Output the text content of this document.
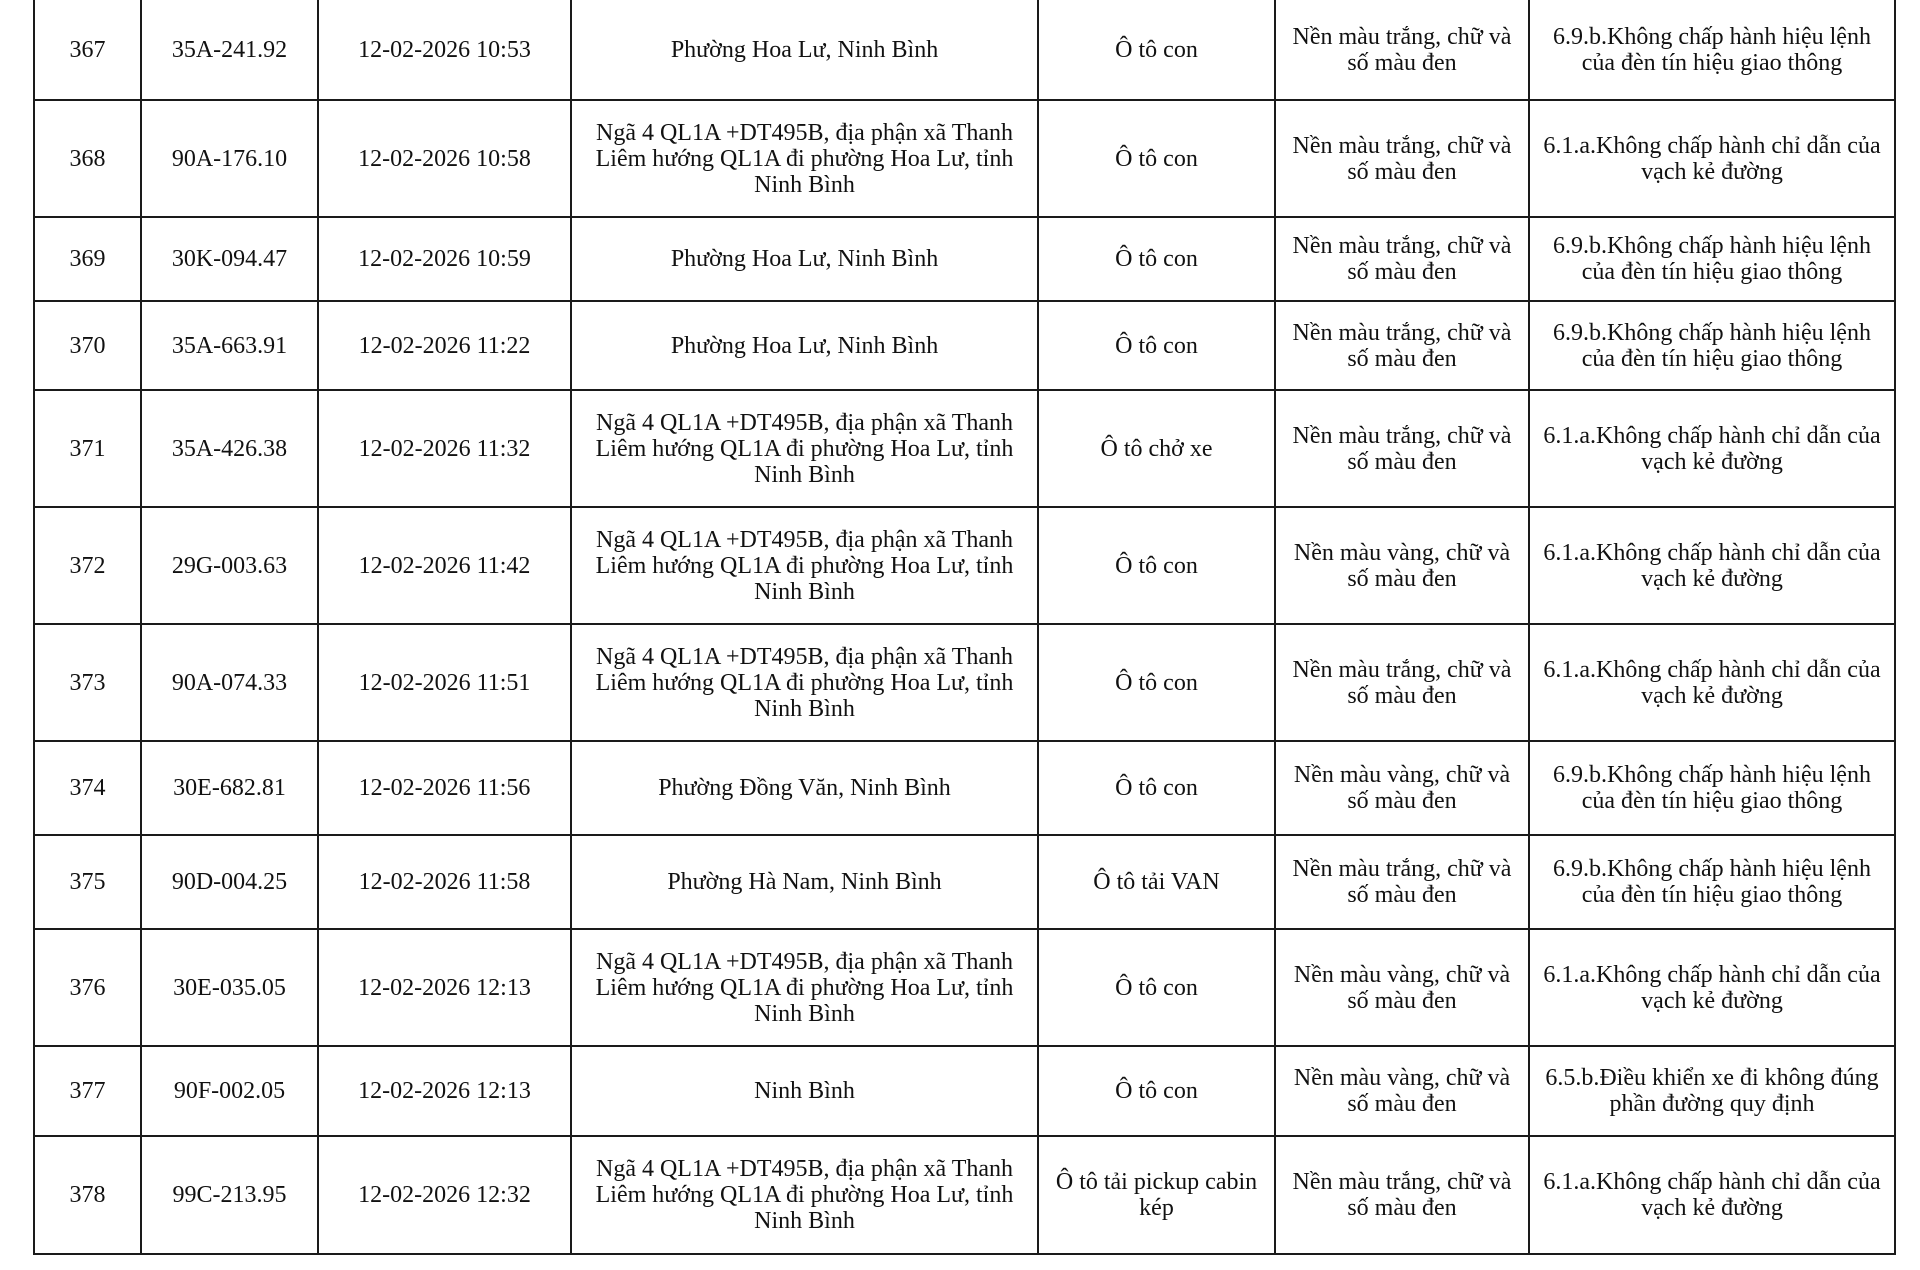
367	35A-241.92	12-02-2026 10:53	Phường Hoa Lư, Ninh Bình	Ô tô con	Nền màu trắng, chữ và số màu đen	6.9.b.Không chấp hành hiệu lệnh của đèn tín hiệu giao thông
368	90A-176.10	12-02-2026 10:58	Ngã 4 QL1A +DT495B, địa phận xã Thanh Liêm hướng QL1A đi phường Hoa Lư, tỉnh Ninh Bình	Ô tô con	Nền màu trắng, chữ và số màu đen	6.1.a.Không chấp hành chỉ dẫn của vạch kẻ đường
369	30K-094.47	12-02-2026 10:59	Phường Hoa Lư, Ninh Bình	Ô tô con	Nền màu trắng, chữ và số màu đen	6.9.b.Không chấp hành hiệu lệnh của đèn tín hiệu giao thông
370	35A-663.91	12-02-2026 11:22	Phường Hoa Lư, Ninh Bình	Ô tô con	Nền màu trắng, chữ và số màu đen	6.9.b.Không chấp hành hiệu lệnh của đèn tín hiệu giao thông
371	35A-426.38	12-02-2026 11:32	Ngã 4 QL1A +DT495B, địa phận xã Thanh Liêm hướng QL1A đi phường Hoa Lư, tỉnh Ninh Bình	Ô tô chở xe	Nền màu trắng, chữ và số màu đen	6.1.a.Không chấp hành chỉ dẫn của vạch kẻ đường
372	29G-003.63	12-02-2026 11:42	Ngã 4 QL1A +DT495B, địa phận xã Thanh Liêm hướng QL1A đi phường Hoa Lư, tỉnh Ninh Bình	Ô tô con	Nền màu vàng, chữ và số màu đen	6.1.a.Không chấp hành chỉ dẫn của vạch kẻ đường
373	90A-074.33	12-02-2026 11:51	Ngã 4 QL1A +DT495B, địa phận xã Thanh Liêm hướng QL1A đi phường Hoa Lư, tỉnh Ninh Bình	Ô tô con	Nền màu trắng, chữ và số màu đen	6.1.a.Không chấp hành chỉ dẫn của vạch kẻ đường
374	30E-682.81	12-02-2026 11:56	Phường Đồng Văn, Ninh Bình	Ô tô con	Nền màu vàng, chữ và số màu đen	6.9.b.Không chấp hành hiệu lệnh của đèn tín hiệu giao thông
375	90D-004.25	12-02-2026 11:58	Phường Hà Nam, Ninh Bình	Ô tô tải VAN	Nền màu trắng, chữ và số màu đen	6.9.b.Không chấp hành hiệu lệnh của đèn tín hiệu giao thông
376	30E-035.05	12-02-2026 12:13	Ngã 4 QL1A +DT495B, địa phận xã Thanh Liêm hướng QL1A đi phường Hoa Lư, tỉnh Ninh Bình	Ô tô con	Nền màu vàng, chữ và số màu đen	6.1.a.Không chấp hành chỉ dẫn của vạch kẻ đường
377	90F-002.05	12-02-2026 12:13	Ninh Bình	Ô tô con	Nền màu vàng, chữ và số màu đen	6.5.b.Điều khiển xe đi không đúng phần đường quy định
378	99C-213.95	12-02-2026 12:32	Ngã 4 QL1A +DT495B, địa phận xã Thanh Liêm hướng QL1A đi phường Hoa Lư, tỉnh Ninh Bình	Ô tô tải pickup cabin kép	Nền màu trắng, chữ và số màu đen	6.1.a.Không chấp hành chỉ dẫn của vạch kẻ đường
